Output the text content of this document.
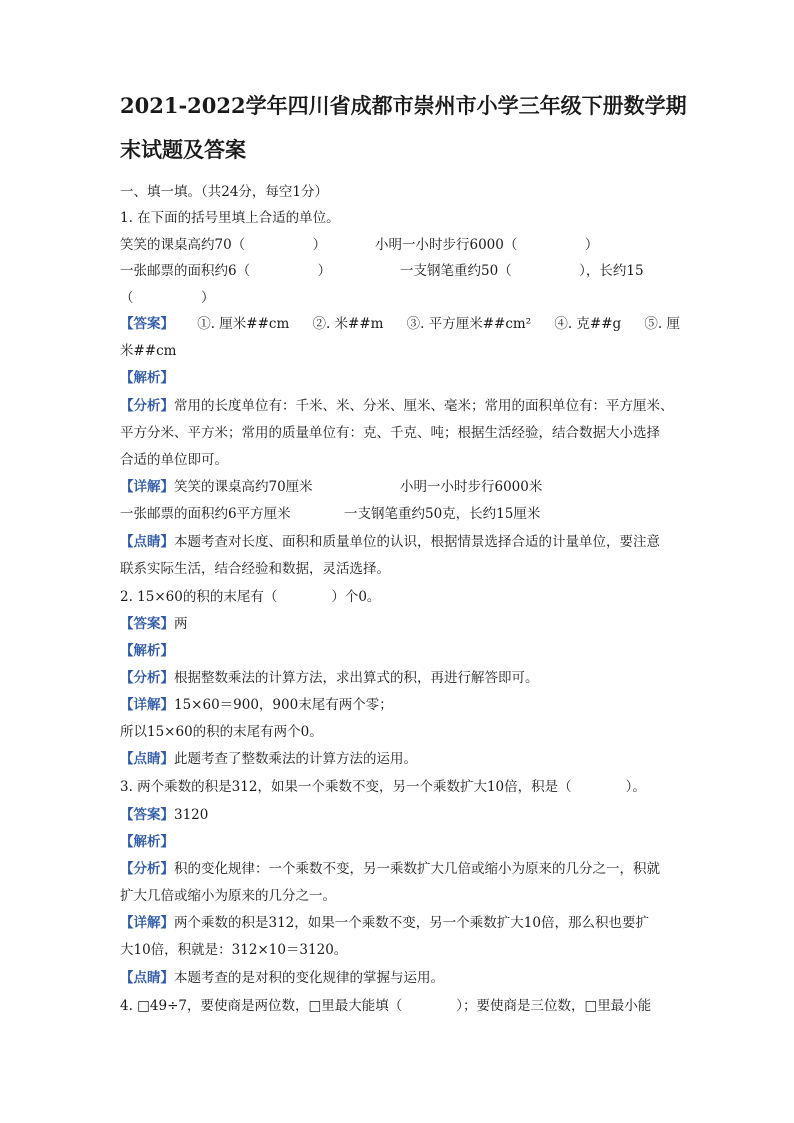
2021-2022学年四川省成都市崇州市小学三年级下册数学期
末试题及答案
一、填一填。（共24分，每空1分）
1. 在下面的括号里填上合适的单位。
笑笑的课桌高约70（　　　　　）	小明一小时步行6000（　　　　　）
一张邮票的面积约6（　　　　　）	一支钢笔重约50（　　　　　），长约15
（　　　　　）
【答案】 ①. 厘米##cm ②. 米##m ③. 平方厘米##cm² ④. 克##g ⑤. 厘
米##cm
【解析】
【分析】常用的长度单位有：千米、米、分米、厘米、毫米；常用的面积单位有：平方厘米、
平方分米、平方米；常用的质量单位有：克、千克、吨；根据生活经验，结合数据大小选择
合适的单位即可。
【详解】笑笑的课桌高约70厘米	小明一小时步行6000米
一张邮票的面积约6平方厘米	一支钢笔重约50克，长约15厘米
【点睛】本题考查对长度、面积和质量单位的认识，根据情景选择合适的计量单位，要注意
联系实际生活，结合经验和数据，灵活选择。
2. 15×60的积的末尾有（　　　　）个0。
【答案】两
【解析】
【分析】根据整数乘法的计算方法，求出算式的积，再进行解答即可。
【详解】15×60＝900，900末尾有两个零；
所以15×60的积的末尾有两个0。
【点睛】此题考查了整数乘法的计算方法的运用。
3. 两个乘数的积是312，如果一个乘数不变，另一个乘数扩大10倍，积是（　　　　）。
【答案】3120
【解析】
【分析】积的变化规律：一个乘数不变，另一乘数扩大几倍或缩小为原来的几分之一，积就
扩大几倍或缩小为原来的几分之一。
【详解】两个乘数的积是312，如果一个乘数不变，另一个乘数扩大10倍，那么积也要扩
大10倍，积就是：312×10＝3120。
【点睛】本题考查的是对积的变化规律的掌握与运用。
4. □49÷7，要使商是两位数，□里最大能填（　　　　）；要使商是三位数，□里最小能
